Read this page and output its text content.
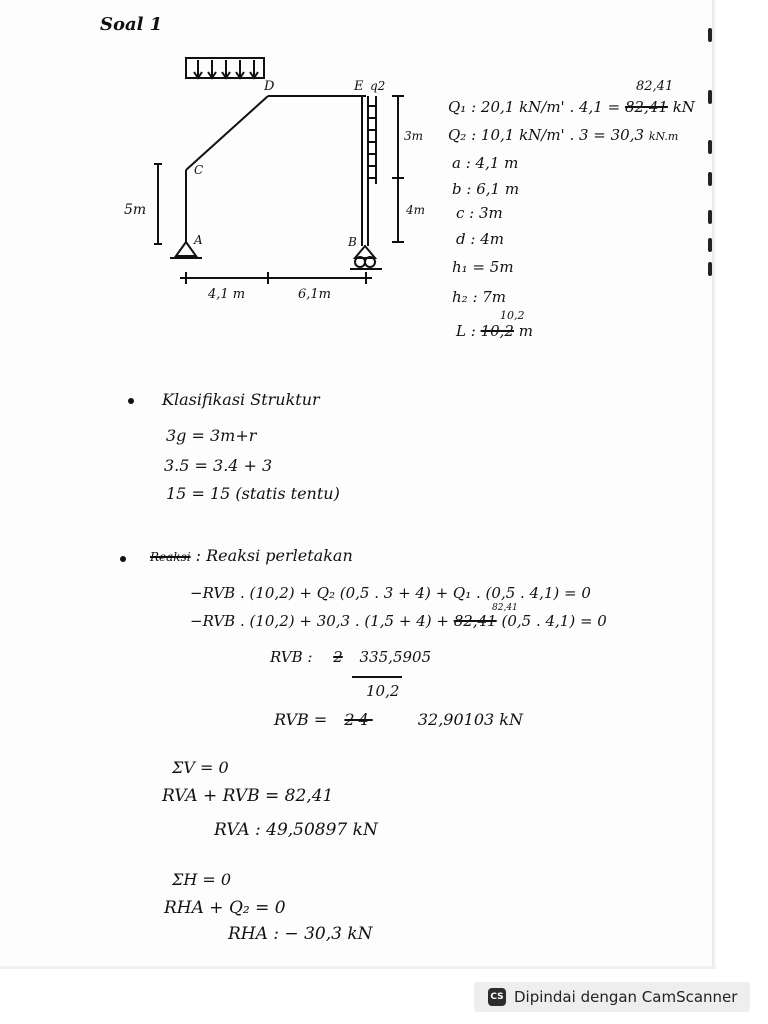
Soal 1
D	E q2
C
A	B
5m
3m
4m
4,1 m	6,1m
82,41
Q₁ : 20,1 kN/m' . 4,1 = 82,41 kN
Q₂ : 10,1 kN/m' . 3 = 30,3 kN.m
a : 4,1 m
b : 6,1 m
c : 3m
d : 4m
h₁ = 5m
h₂ : 7m
10,2
L : 10,2 m
Klasifikasi Struktur
3g = 3m+r
3.5 = 3.4 + 3
15 = 15 (statis tentu)
Reaksi : Reaksi perletakan
−RVB . (10,2) + Q₂ (0,5 . 3 + 4) + Q₁ . (0,5 . 4,1) = 0
82,41
−RVB . (10,2) + 30,3 . (1,5 + 4) + 82,41 (0,5 . 4,1) = 0
RVB : 2 335,5905
10,2
RVB = 24	32,90103 kN
ΣV = 0
RVA + RVB = 82,41
RVA : 49,50897 kN
ΣH = 0
RHA + Q₂ = 0
RHA : − 30,3 kN
CS Dipindai dengan CamScanner
